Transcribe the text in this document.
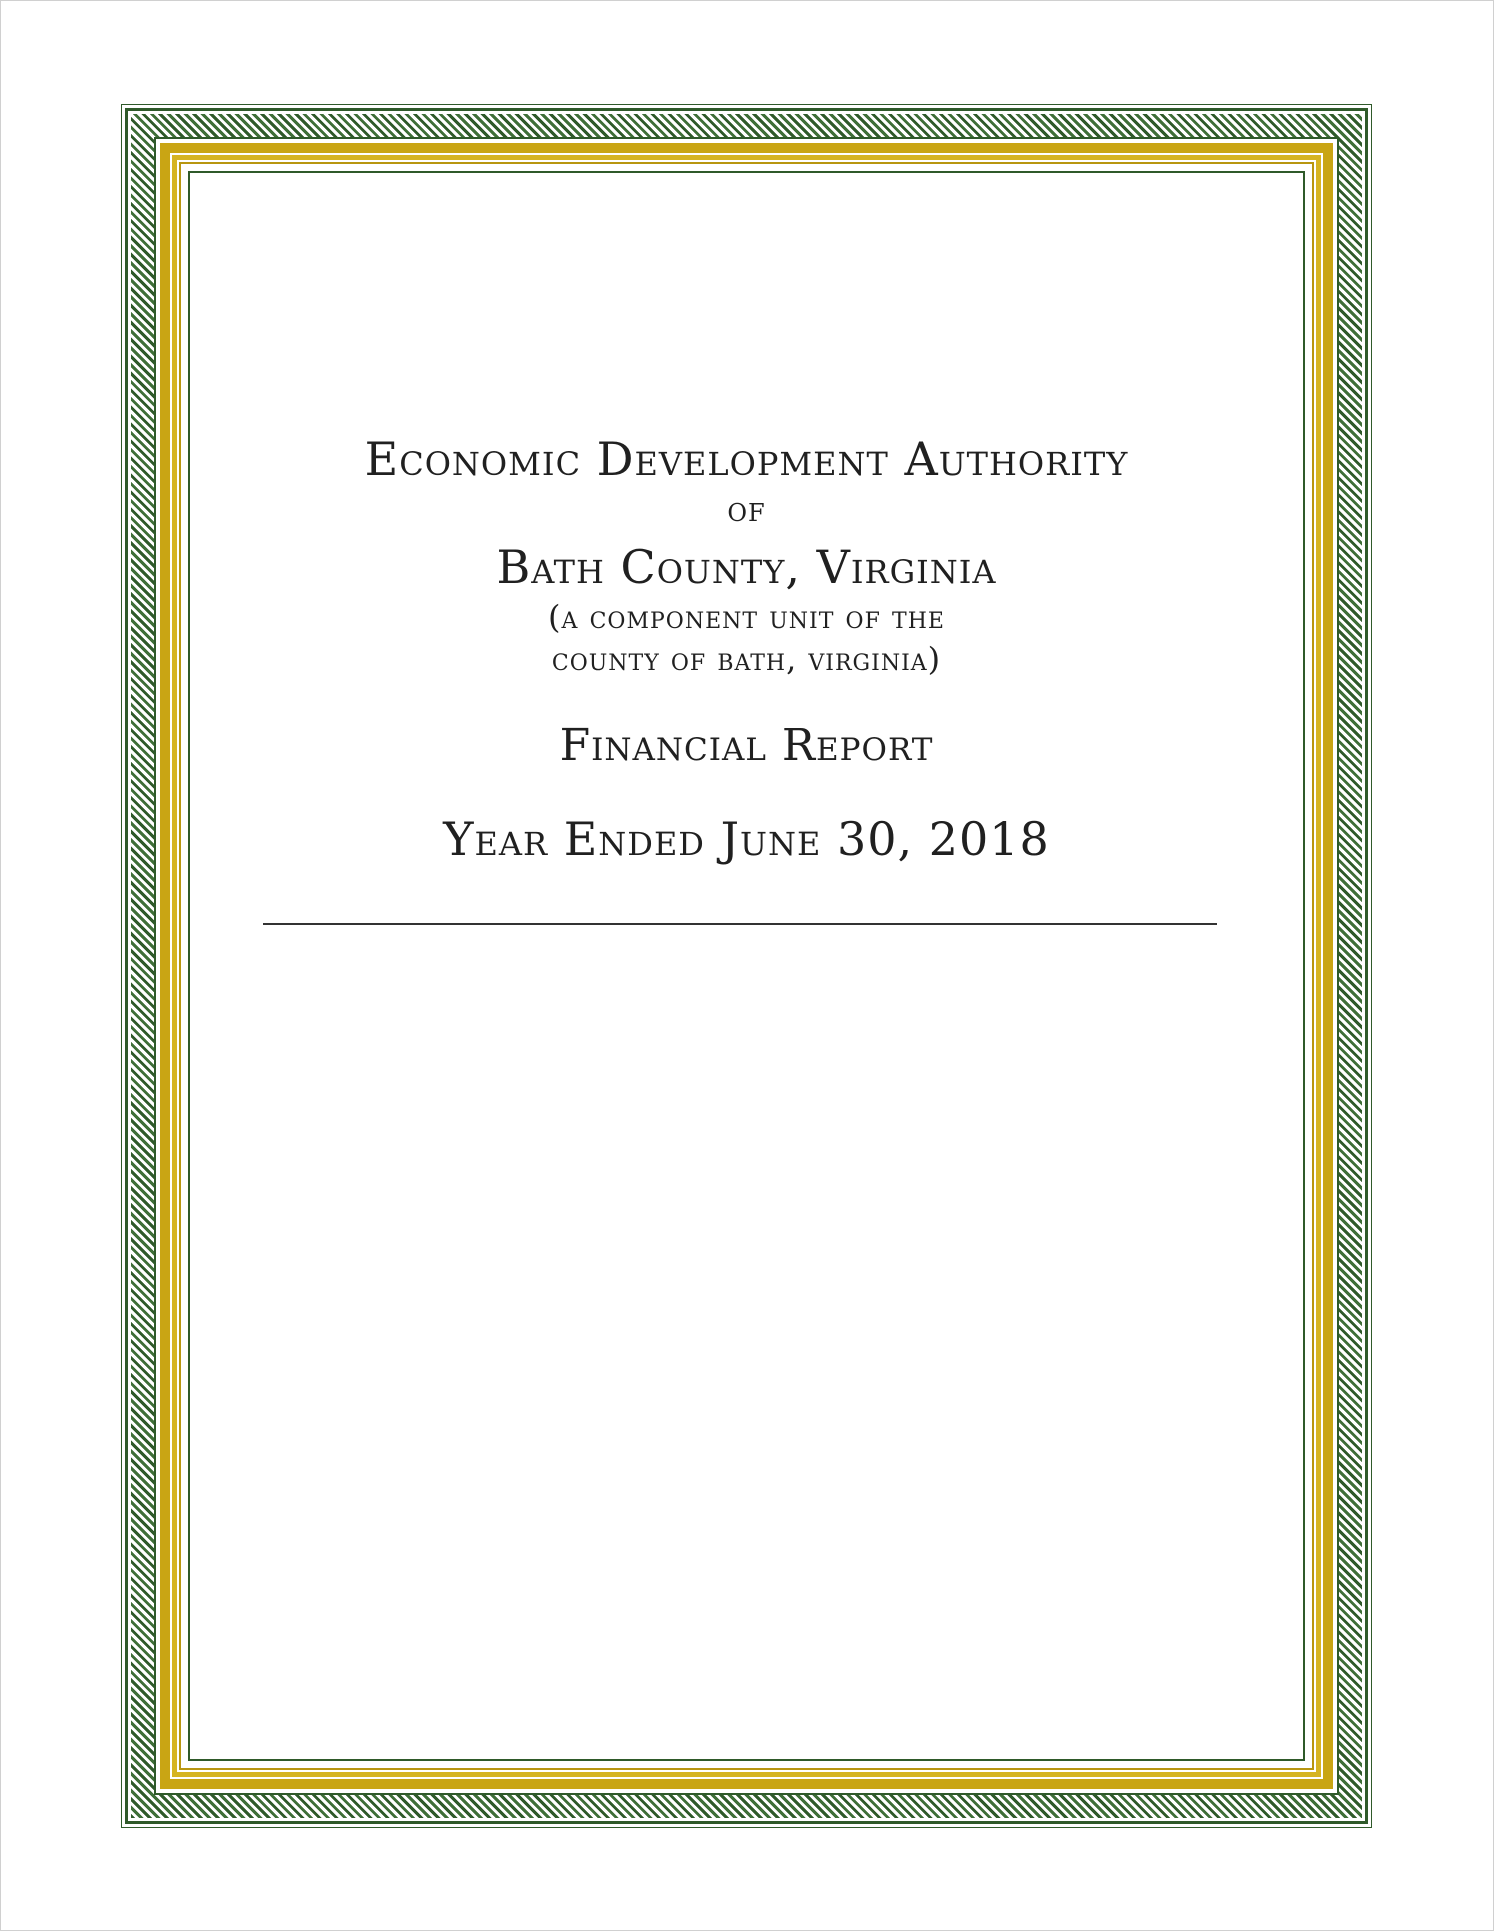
Economic Development Authority
of
Bath County, Virginia
(a component unit of the
county of bath, virginia)
Financial Report
Year Ended June 30, 2018
